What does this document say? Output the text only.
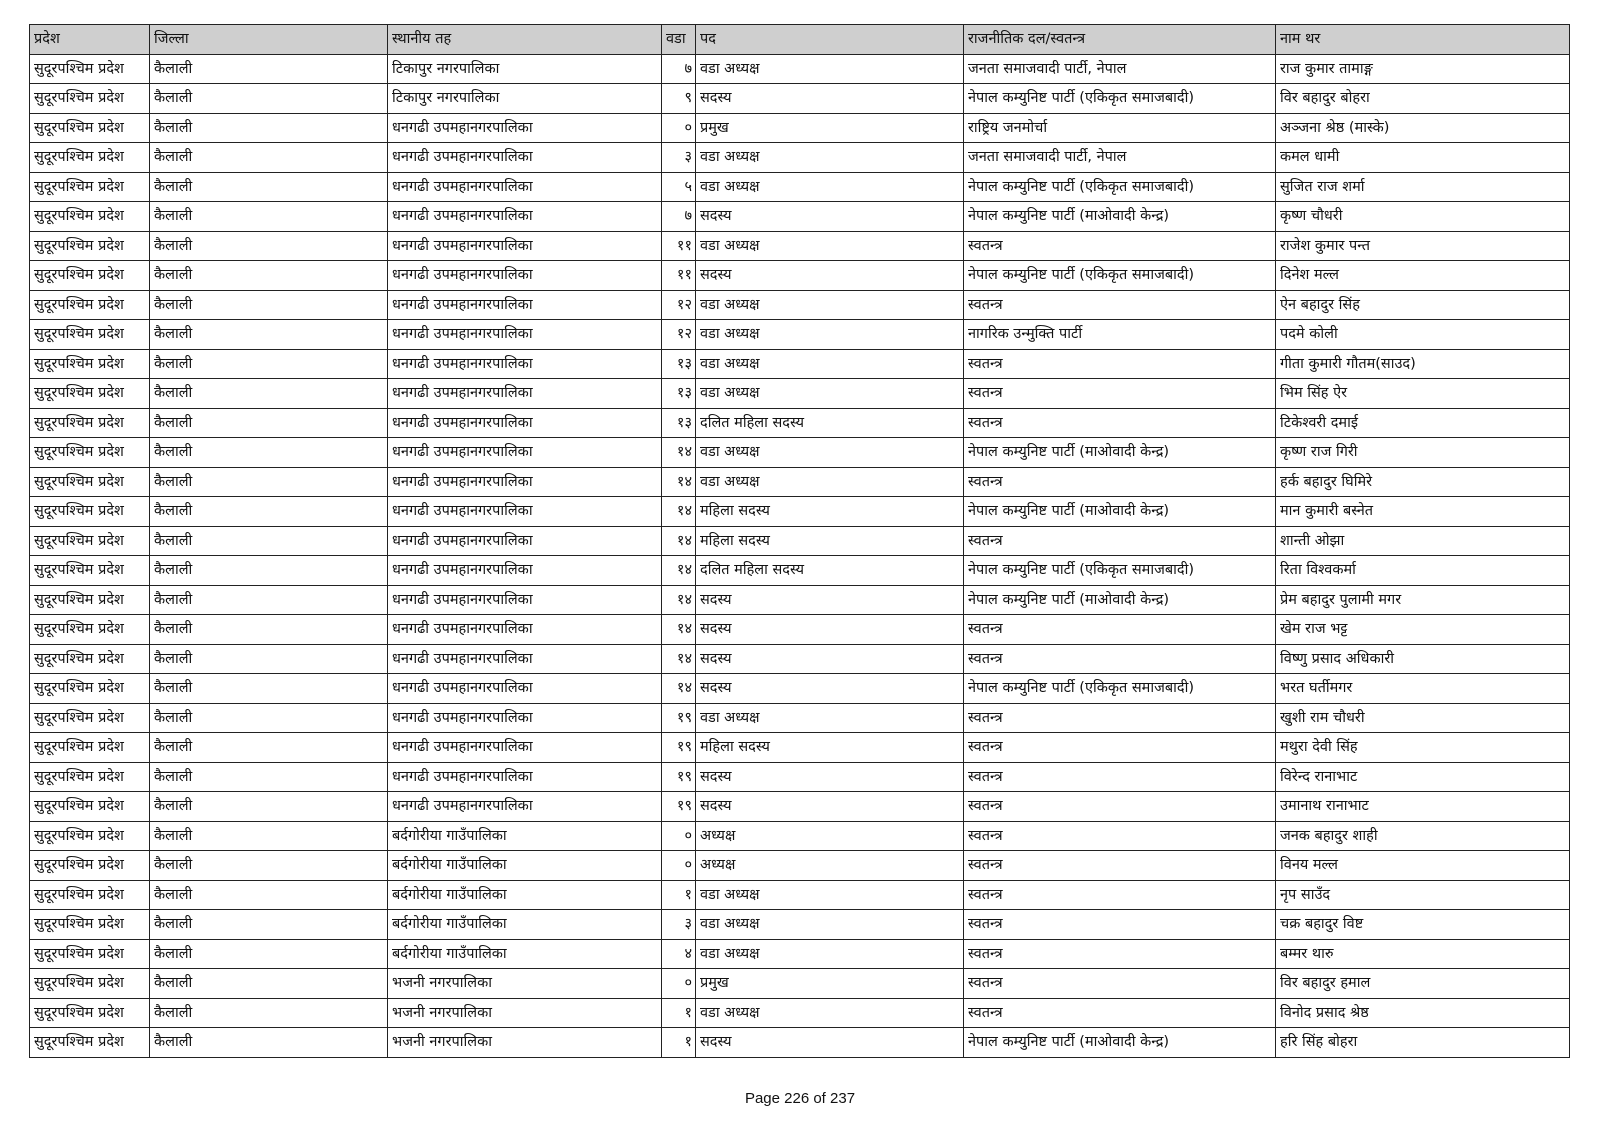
प्रदेश	जिल्ला	स्थानीय तह	वडा	पद	राजनीतिक दल/स्वतन्त्र	नाम थर
सुदूरपश्चिम प्रदेश	कैलाली	टिकापुर नगरपालिका	७	वडा अध्यक्ष	जनता समाजवादी पार्टी, नेपाल	राज कुमार तामाङ्ग
सुदूरपश्चिम प्रदेश	कैलाली	टिकापुर नगरपालिका	९	सदस्य	नेपाल कम्युनिष्ट पार्टी (एकिकृत समाजबादी)	विर बहादुर बोहरा
सुदूरपश्चिम प्रदेश	कैलाली	धनगढी उपमहानगरपालिका	०	प्रमुख	राष्ट्रिय जनमोर्चा	अञ्जना श्रेष्ठ (मास्के)
सुदूरपश्चिम प्रदेश	कैलाली	धनगढी उपमहानगरपालिका	३	वडा अध्यक्ष	जनता समाजवादी पार्टी, नेपाल	कमल धामी
सुदूरपश्चिम प्रदेश	कैलाली	धनगढी उपमहानगरपालिका	५	वडा अध्यक्ष	नेपाल कम्युनिष्ट पार्टी (एकिकृत समाजबादी)	सुजित राज शर्मा
सुदूरपश्चिम प्रदेश	कैलाली	धनगढी उपमहानगरपालिका	७	सदस्य	नेपाल कम्युनिष्ट पार्टी (माओवादी केन्द्र)	कृष्ण चौधरी
सुदूरपश्चिम प्रदेश	कैलाली	धनगढी उपमहानगरपालिका	११	वडा अध्यक्ष	स्वतन्त्र	राजेश कुमार पन्त
सुदूरपश्चिम प्रदेश	कैलाली	धनगढी उपमहानगरपालिका	११	सदस्य	नेपाल कम्युनिष्ट पार्टी (एकिकृत समाजबादी)	दिनेश मल्ल
सुदूरपश्चिम प्रदेश	कैलाली	धनगढी उपमहानगरपालिका	१२	वडा अध्यक्ष	स्वतन्त्र	ऐन बहादुर सिंह
सुदूरपश्चिम प्रदेश	कैलाली	धनगढी उपमहानगरपालिका	१२	वडा अध्यक्ष	नागरिक उन्मुक्ति पार्टी	पदमे कोली
सुदूरपश्चिम प्रदेश	कैलाली	धनगढी उपमहानगरपालिका	१३	वडा अध्यक्ष	स्वतन्त्र	गीता कुमारी गौतम(साउद)
सुदूरपश्चिम प्रदेश	कैलाली	धनगढी उपमहानगरपालिका	१३	वडा अध्यक्ष	स्वतन्त्र	भिम सिंह ऐर
सुदूरपश्चिम प्रदेश	कैलाली	धनगढी उपमहानगरपालिका	१३	दलित महिला सदस्य	स्वतन्त्र	टिकेश्वरी दमाई
सुदूरपश्चिम प्रदेश	कैलाली	धनगढी उपमहानगरपालिका	१४	वडा अध्यक्ष	नेपाल कम्युनिष्ट पार्टी (माओवादी केन्द्र)	कृष्ण राज गिरी
सुदूरपश्चिम प्रदेश	कैलाली	धनगढी उपमहानगरपालिका	१४	वडा अध्यक्ष	स्वतन्त्र	हर्क बहादुर घिमिरे
सुदूरपश्चिम प्रदेश	कैलाली	धनगढी उपमहानगरपालिका	१४	महिला सदस्य	नेपाल कम्युनिष्ट पार्टी (माओवादी केन्द्र)	मान कुमारी बस्नेत
सुदूरपश्चिम प्रदेश	कैलाली	धनगढी उपमहानगरपालिका	१४	महिला सदस्य	स्वतन्त्र	शान्ती ओझा
सुदूरपश्चिम प्रदेश	कैलाली	धनगढी उपमहानगरपालिका	१४	दलित महिला सदस्य	नेपाल कम्युनिष्ट पार्टी (एकिकृत समाजबादी)	रिता विश्वकर्मा
सुदूरपश्चिम प्रदेश	कैलाली	धनगढी उपमहानगरपालिका	१४	सदस्य	नेपाल कम्युनिष्ट पार्टी (माओवादी केन्द्र)	प्रेम बहादुर पुलामी मगर
सुदूरपश्चिम प्रदेश	कैलाली	धनगढी उपमहानगरपालिका	१४	सदस्य	स्वतन्त्र	खेम राज भट्ट
सुदूरपश्चिम प्रदेश	कैलाली	धनगढी उपमहानगरपालिका	१४	सदस्य	स्वतन्त्र	विष्णु प्रसाद अधिकारी
सुदूरपश्चिम प्रदेश	कैलाली	धनगढी उपमहानगरपालिका	१४	सदस्य	नेपाल कम्युनिष्ट पार्टी (एकिकृत समाजबादी)	भरत घर्तीमगर
सुदूरपश्चिम प्रदेश	कैलाली	धनगढी उपमहानगरपालिका	१९	वडा अध्यक्ष	स्वतन्त्र	खुशी राम चौधरी
सुदूरपश्चिम प्रदेश	कैलाली	धनगढी उपमहानगरपालिका	१९	महिला सदस्य	स्वतन्त्र	मथुरा देवी सिंह
सुदूरपश्चिम प्रदेश	कैलाली	धनगढी उपमहानगरपालिका	१९	सदस्य	स्वतन्त्र	विरेन्द रानाभाट
सुदूरपश्चिम प्रदेश	कैलाली	धनगढी उपमहानगरपालिका	१९	सदस्य	स्वतन्त्र	उमानाथ रानाभाट
सुदूरपश्चिम प्रदेश	कैलाली	बर्दगोरीया गाउँपालिका	०	अध्यक्ष	स्वतन्त्र	जनक बहादुर शाही
सुदूरपश्चिम प्रदेश	कैलाली	बर्दगोरीया गाउँपालिका	०	अध्यक्ष	स्वतन्त्र	विनय मल्ल
सुदूरपश्चिम प्रदेश	कैलाली	बर्दगोरीया गाउँपालिका	१	वडा अध्यक्ष	स्वतन्त्र	नृप साउँद
सुदूरपश्चिम प्रदेश	कैलाली	बर्दगोरीया गाउँपालिका	३	वडा अध्यक्ष	स्वतन्त्र	चक्र बहादुर विष्ट
सुदूरपश्चिम प्रदेश	कैलाली	बर्दगोरीया गाउँपालिका	४	वडा अध्यक्ष	स्वतन्त्र	बम्मर थारु
सुदूरपश्चिम प्रदेश	कैलाली	भजनी नगरपालिका	०	प्रमुख	स्वतन्त्र	विर बहादुर हमाल
सुदूरपश्चिम प्रदेश	कैलाली	भजनी नगरपालिका	१	वडा अध्यक्ष	स्वतन्त्र	विनोद प्रसाद श्रेष्ठ
सुदूरपश्चिम प्रदेश	कैलाली	भजनी नगरपालिका	१	सदस्य	नेपाल कम्युनिष्ट पार्टी (माओवादी केन्द्र)	हरि सिंह बोहरा
Page 226 of 237
